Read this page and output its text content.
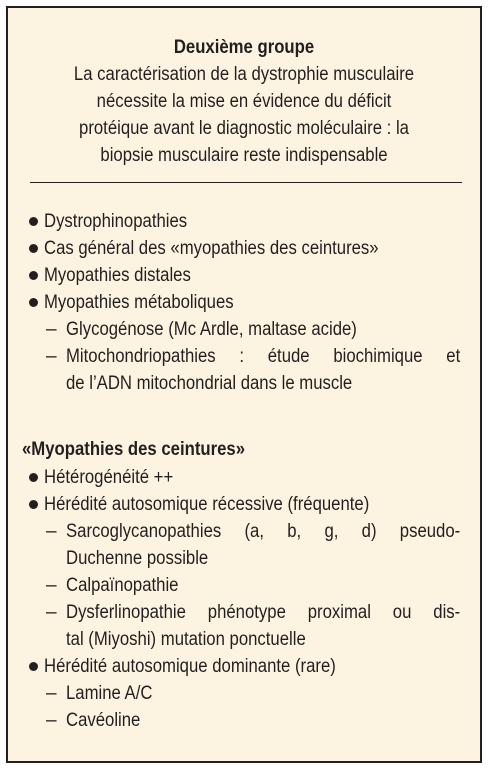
Deuxième groupe
La caractérisation de la dystrophie musculaire
nécessite la mise en évidence du déficit
protéique avant le diagnostic moléculaire : la
biopsie musculaire reste indispensable
Dystrophinopathies
Cas général des «myopathies des ceintures»
Myopathies distales
Myopathies métaboliques
– Glycogénose (Mc Ardle, maltase acide)
– Mitochondriopathies : étude biochimique et
de l’ADN mitochondrial dans le muscle
«Myopathies des ceintures»
Hétérogénéité ++
Hérédité autosomique récessive (fréquente)
– Sarcoglycanopathies (a, b, g, d) pseudo-
Duchenne possible
– Calpaïnopathie
– Dysferlinopathie phénotype proximal ou dis-
tal (Miyoshi) mutation ponctuelle
Hérédité autosomique dominante (rare)
– Lamine A/C
– Cavéoline
